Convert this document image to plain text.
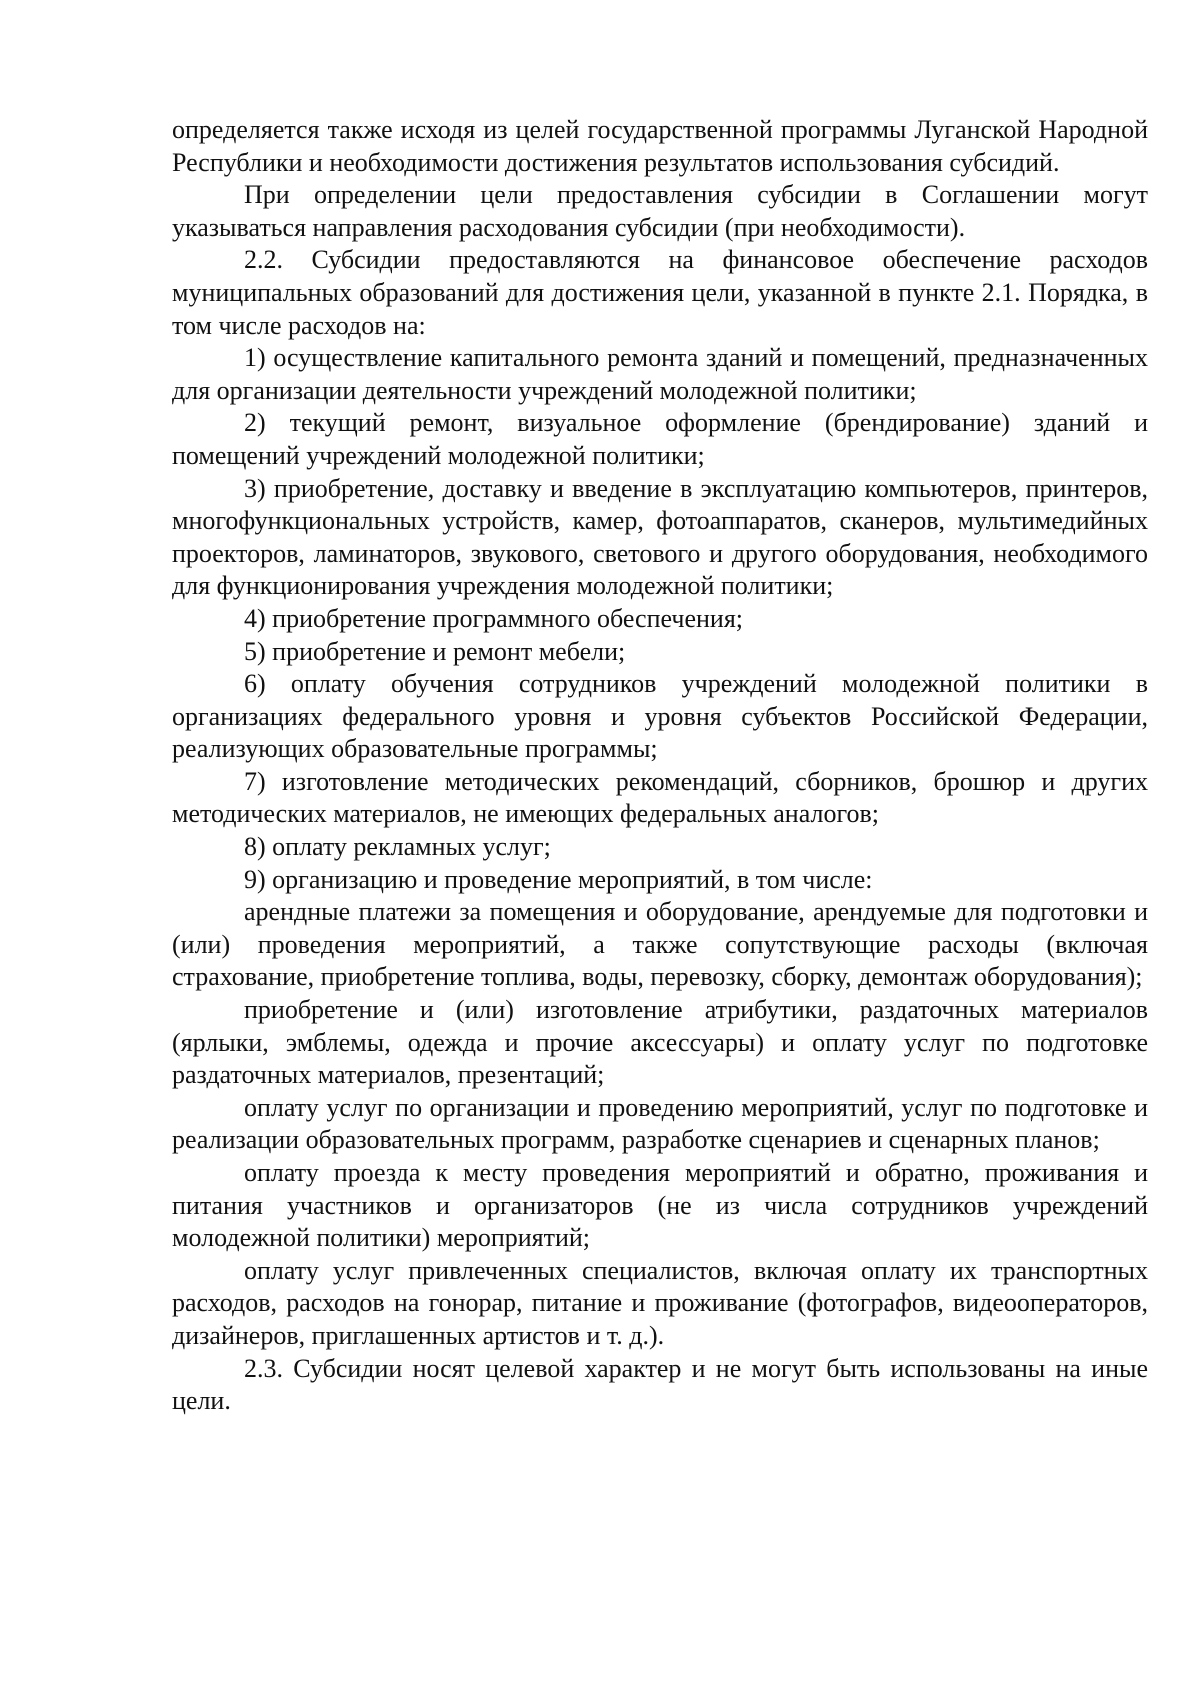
определяется также исходя из целей государственной программы Луганской Народной Республики и необходимости достижения результатов использования субсидий.

При определении цели предоставления субсидии в Соглашении могут указываться направления расходования субсидии (при необходимости).

2.2. Субсидии предоставляются на финансовое обеспечение расходов муниципальных образований для достижения цели, указанной в пункте 2.1. Порядка, в том числе расходов на:

1) осуществление капитального ремонта зданий и помещений, предназначенных для организации деятельности учреждений молодежной политики;

2) текущий ремонт, визуальное оформление (брендирование) зданий и помещений учреждений молодежной политики;

3) приобретение, доставку и введение в эксплуатацию компьютеров, принтеров, многофункциональных устройств, камер, фотоаппаратов, сканеров, мультимедийных проекторов, ламинаторов, звукового, светового и другого оборудования, необходимого для функционирования учреждения молодежной политики;

4) приобретение программного обеспечения;

5) приобретение и ремонт мебели;

6) оплату обучения сотрудников учреждений молодежной политики в организациях федерального уровня и уровня субъектов Российской Федерации, реализующих образовательные программы;

7) изготовление методических рекомендаций, сборников, брошюр и других методических материалов, не имеющих федеральных аналогов;

8) оплату рекламных услуг;

9) организацию и проведение мероприятий, в том числе:

арендные платежи за помещения и оборудование, арендуемые для подготовки и (или) проведения мероприятий, а также сопутствующие расходы (включая страхование, приобретение топлива, воды, перевозку, сборку, демонтаж оборудования);

приобретение и (или) изготовление атрибутики, раздаточных материалов (ярлыки, эмблемы, одежда и прочие аксессуары) и оплату услуг по подготовке раздаточных материалов, презентаций;

оплату услуг по организации и проведению мероприятий, услуг по подготовке и реализации образовательных программ, разработке сценариев и сценарных планов;

оплату проезда к месту проведения мероприятий и обратно, проживания и питания участников и организаторов (не из числа сотрудников учреждений молодежной политики) мероприятий;

оплату услуг привлеченных специалистов, включая оплату их транспортных расходов, расходов на гонорар, питание и проживание (фотографов, видеооператоров, дизайнеров, приглашенных артистов и т. д.).

2.3. Субсидии носят целевой характер и не могут быть использованы на иные цели.
